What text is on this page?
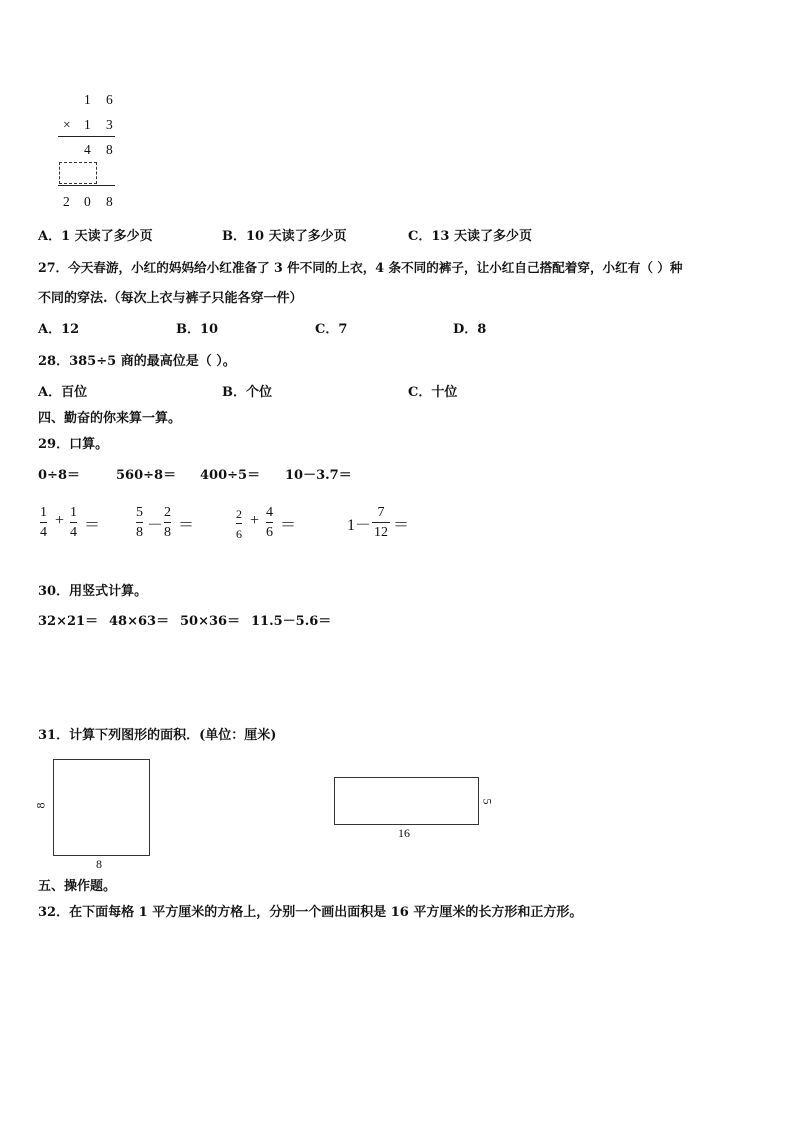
1 6
× 1 3
4 8
2 0 8
A．1 天读了多少页	B．10 天读了多少页	C．13 天读了多少页
27．今天春游，小红的妈妈给小红准备了 3 件不同的上衣，4 条不同的裤子，让小红自己搭配着穿，小红有（ ）种
不同的穿法.（每次上衣与裤子只能各穿一件）
A．12	B．10	C．7	D．8
28．385÷5 商的最高位是（ ）。
A．百位	B．个位	C．十位
四、勤奋的你来算一算。
29．口算。
0÷8＝	560÷8＝ 400÷5＝ 10－3.7＝
1
4
+ 1
4 ＝
5
8 －
2
8 ＝
2
6
+ 4
6 ＝	1－
7
12 ＝
30．用竖式计算。
32×21＝ 48×63＝ 50×36＝ 11.5－5.6＝
31．计算下列图形的面积．(单位：厘米)
8
8
5
16
五、操作题。
32．在下面每格 1 平方厘米的方格上，分别一个画出面积是 16 平方厘米的长方形和正方形。
